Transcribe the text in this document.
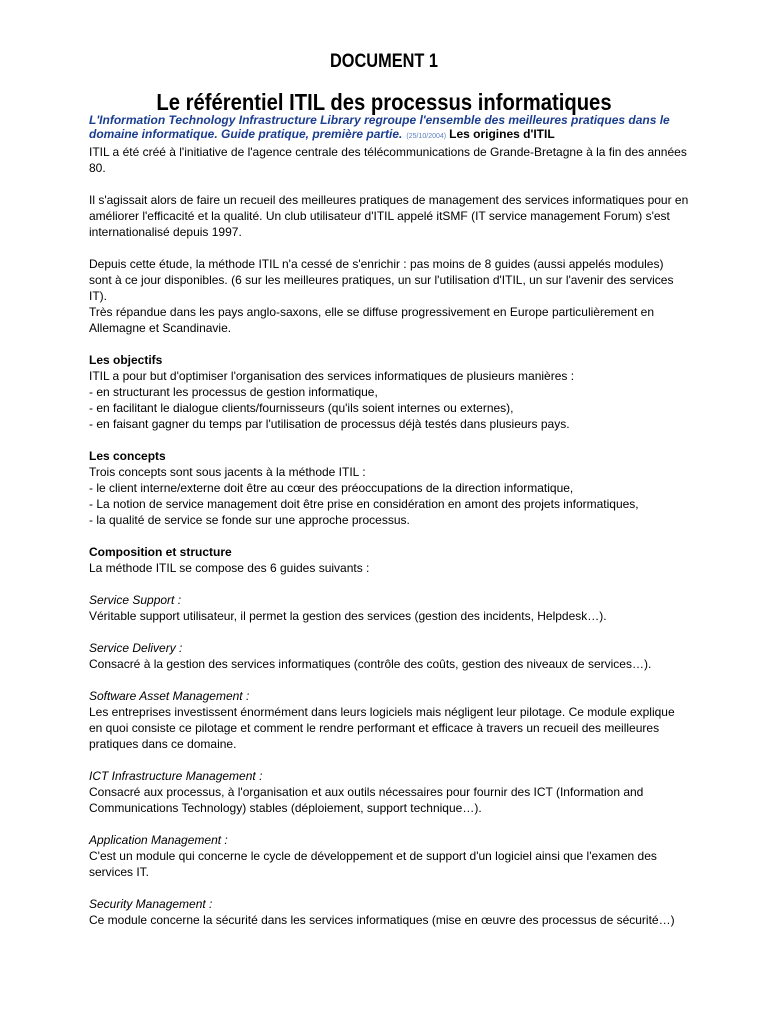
DOCUMENT 1
Le référentiel ITIL des processus informatiques

L'Information Technology Infrastructure Library regroupe l'ensemble des meilleures pratiques dans le domaine informatique. Guide pratique, première partie. (25/10/2004) Les origines d'ITIL

ITIL a été créé à l'initiative de l'agence centrale des télécommunications de Grande-Bretagne à la fin des années 80.

Il s'agissait alors de faire un recueil des meilleures pratiques de management des services informatiques pour en améliorer l'efficacité et la qualité. Un club utilisateur d'ITIL appelé itSMF (IT service management Forum) s'est internationalisé depuis 1997.

Depuis cette étude, la méthode ITIL n'a cessé de s'enrichir : pas moins de 8 guides (aussi appelés modules) sont à ce jour disponibles. (6 sur les meilleures pratiques, un sur l'utilisation d'ITIL, un sur l'avenir des services IT).

Très répandue dans les pays anglo-saxons, elle se diffuse progressivement en Europe particulièrement en Allemagne et Scandinavie.

Les objectifs

ITIL a pour but d'optimiser l'organisation des services informatiques de plusieurs manières :

- en structurant les processus de gestion informatique,

- en facilitant le dialogue clients/fournisseurs (qu'ils soient internes ou externes),

- en faisant gagner du temps par l'utilisation de processus déjà testés dans plusieurs pays.

Les concepts

Trois concepts sont sous jacents à la méthode ITIL :

- le client interne/externe doit être au cœur des préoccupations de la direction informatique,

- La notion de service management doit être prise en considération en amont des projets informatiques,

- la qualité de service se fonde sur une approche processus.

Composition et structure

La méthode ITIL se compose des 6 guides suivants :

Service Support :

Véritable support utilisateur, il permet la gestion des services (gestion des incidents, Helpdesk…).

Service Delivery :

Consacré à la gestion des services informatiques (contrôle des coûts, gestion des niveaux de services…).

Software Asset Management :

Les entreprises investissent énormément dans leurs logiciels mais négligent leur pilotage. Ce module explique en quoi consiste ce pilotage et comment le rendre performant et efficace à travers un recueil des meilleures pratiques dans ce domaine.

ICT Infrastructure Management :

Consacré aux processus, à l'organisation et aux outils nécessaires pour fournir des ICT (Information and Communications Technology) stables (déploiement, support technique…).

Application Management :

C'est un module qui concerne le cycle de développement et de support d'un logiciel ainsi que l'examen des services IT.

Security Management :

Ce module concerne la sécurité dans les services informatiques (mise en œuvre des processus de sécurité…)
